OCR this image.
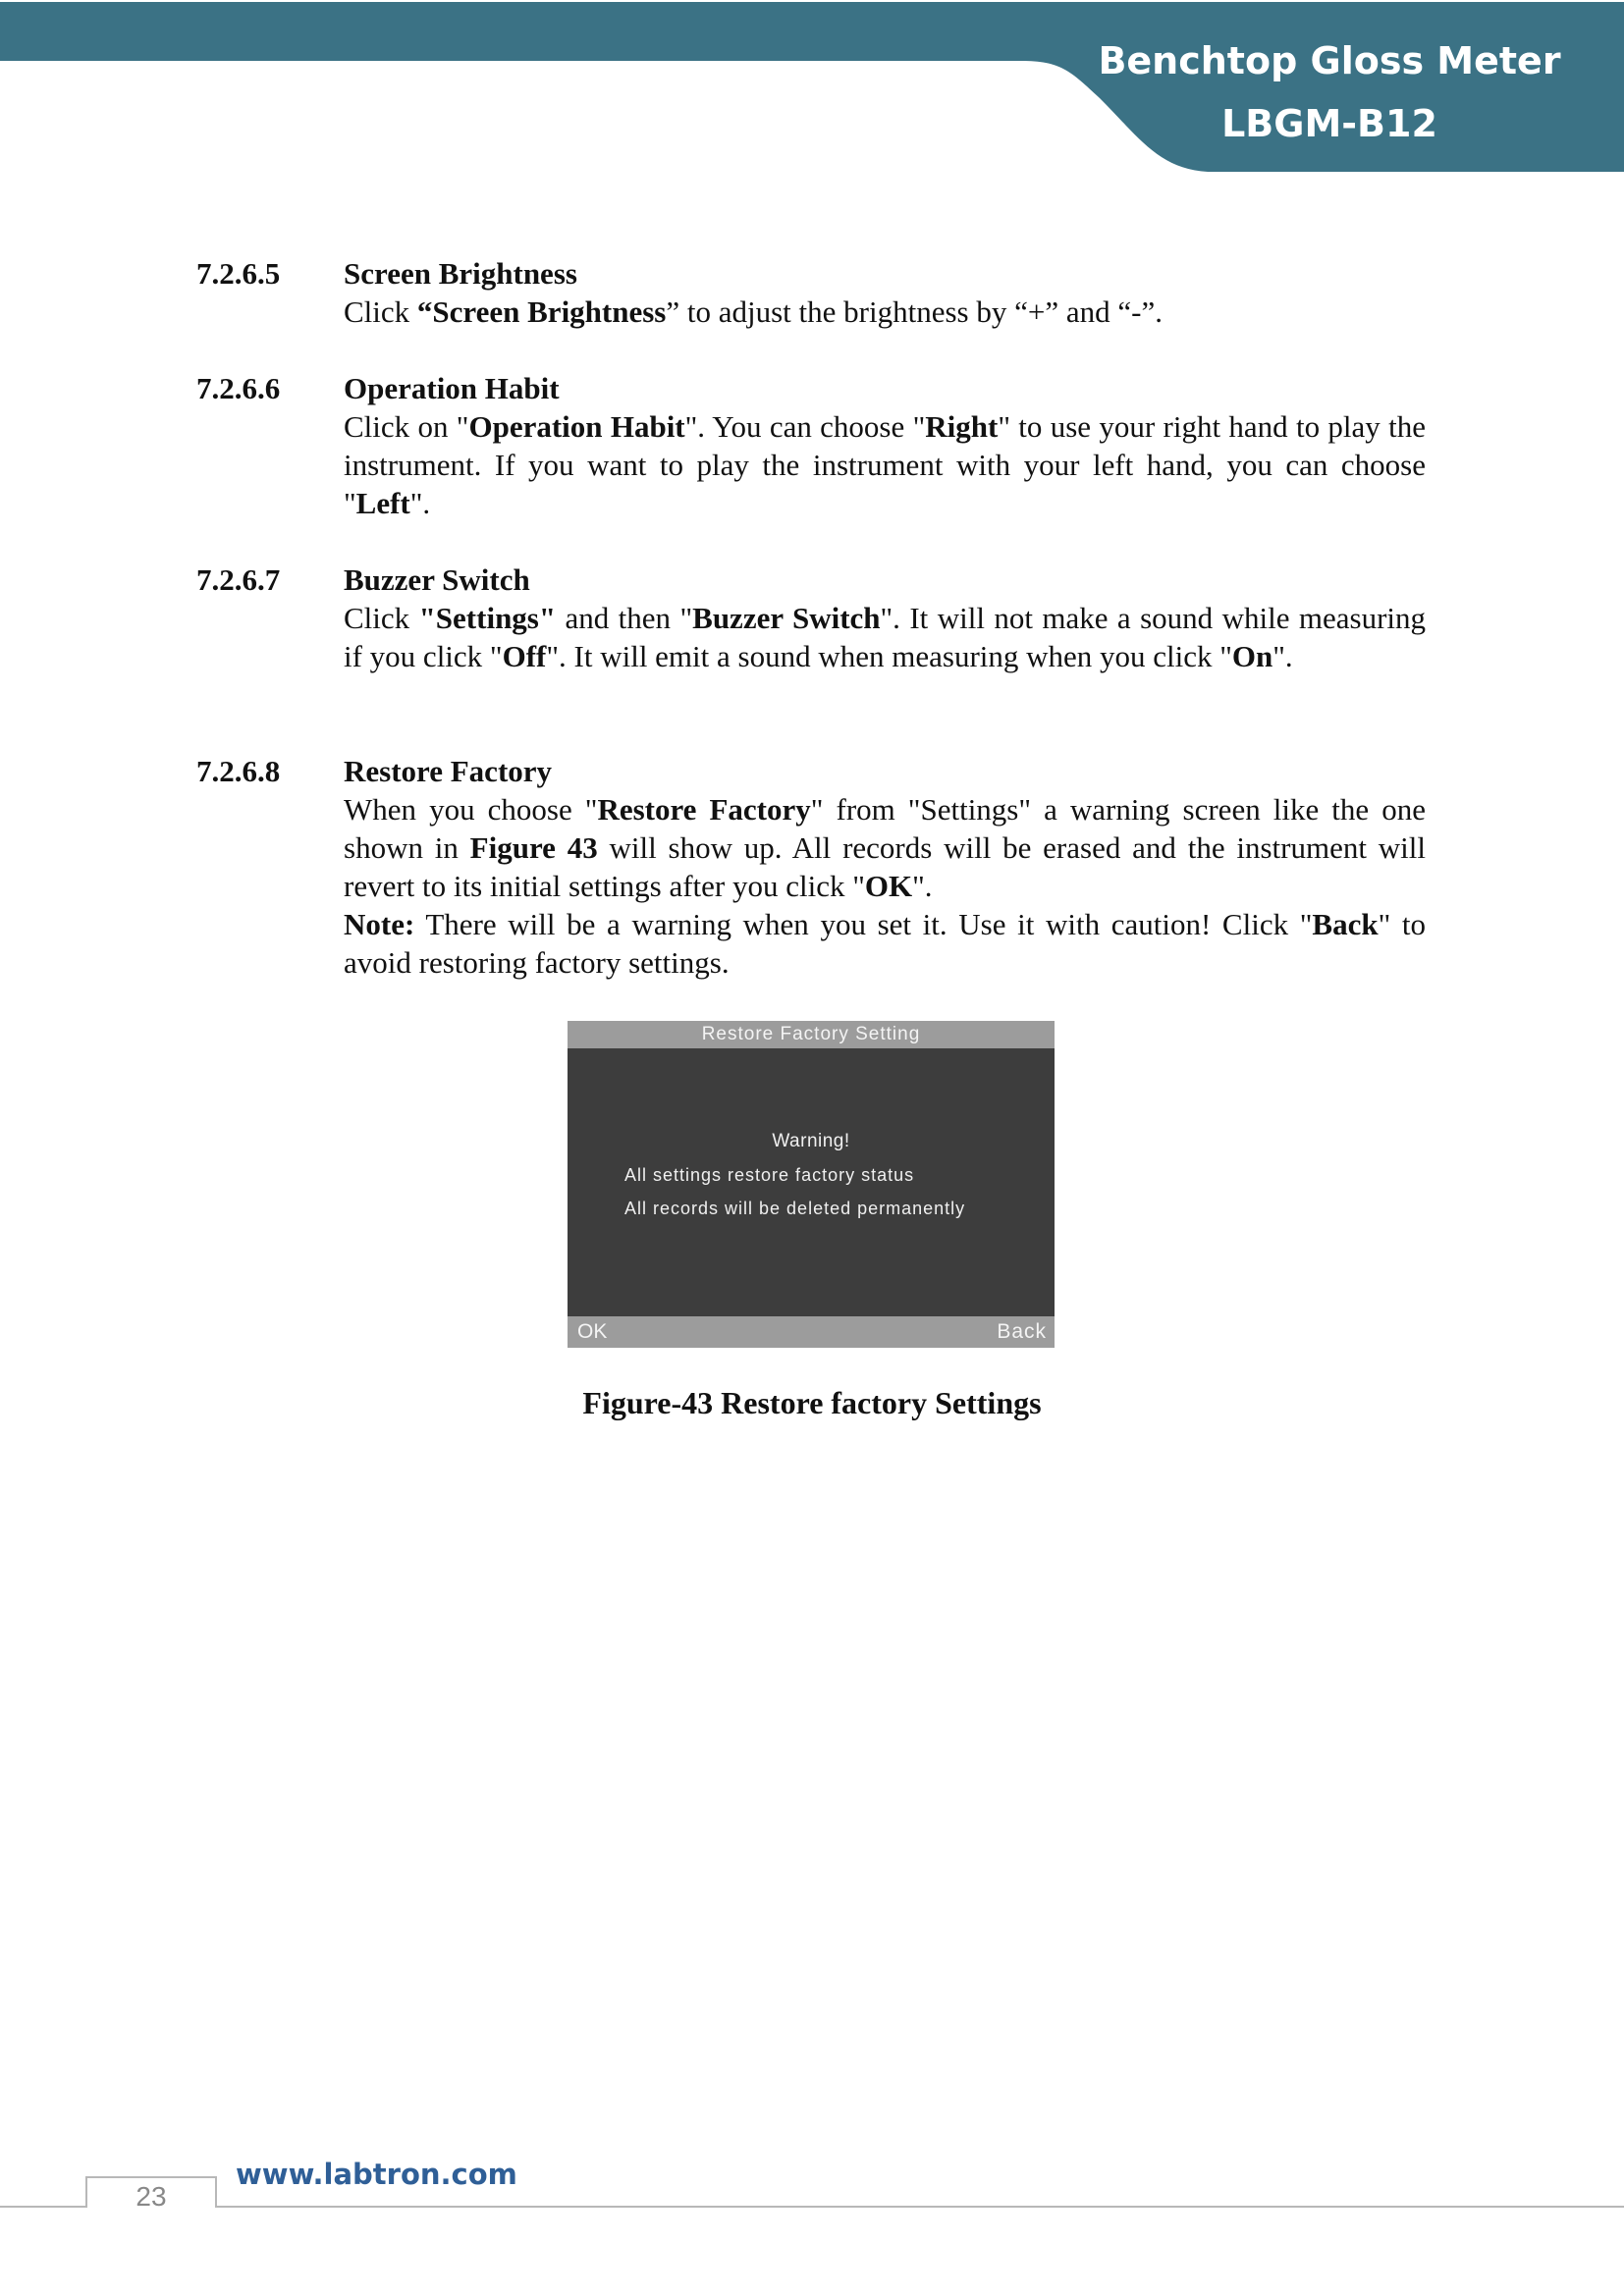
Benchtop Gloss Meter
LBGM-B12
7.2.6.5 Screen Brightness

Click “Screen Brightness” to adjust the brightness by “+” and “-”.

7.2.6.6 Operation Habit

Click on "Operation Habit". You can choose "Right" to use your right hand to play the instrument. If you want to play the instrument with your left hand, you can choose "Left".

7.2.6.7 Buzzer Switch

Click "Settings" and then "Buzzer Switch". It will not make a sound while measuring if you click "Off". It will emit a sound when measuring when you click "On".

7.2.6.8 Restore Factory

When you choose "Restore Factory" from "Settings" a warning screen like the one shown in Figure 43 will show up. All records will be erased and the instrument will revert to its initial settings after you click "OK".

Note: There will be a warning when you set it. Use it with caution! Click "Back" to avoid restoring factory settings.

Restore Factory Setting
Warning!
All settings restore factory status
All records will be deleted permanently
OK	Back
Figure-43 Restore factory Settings
23
www.labtron.com
